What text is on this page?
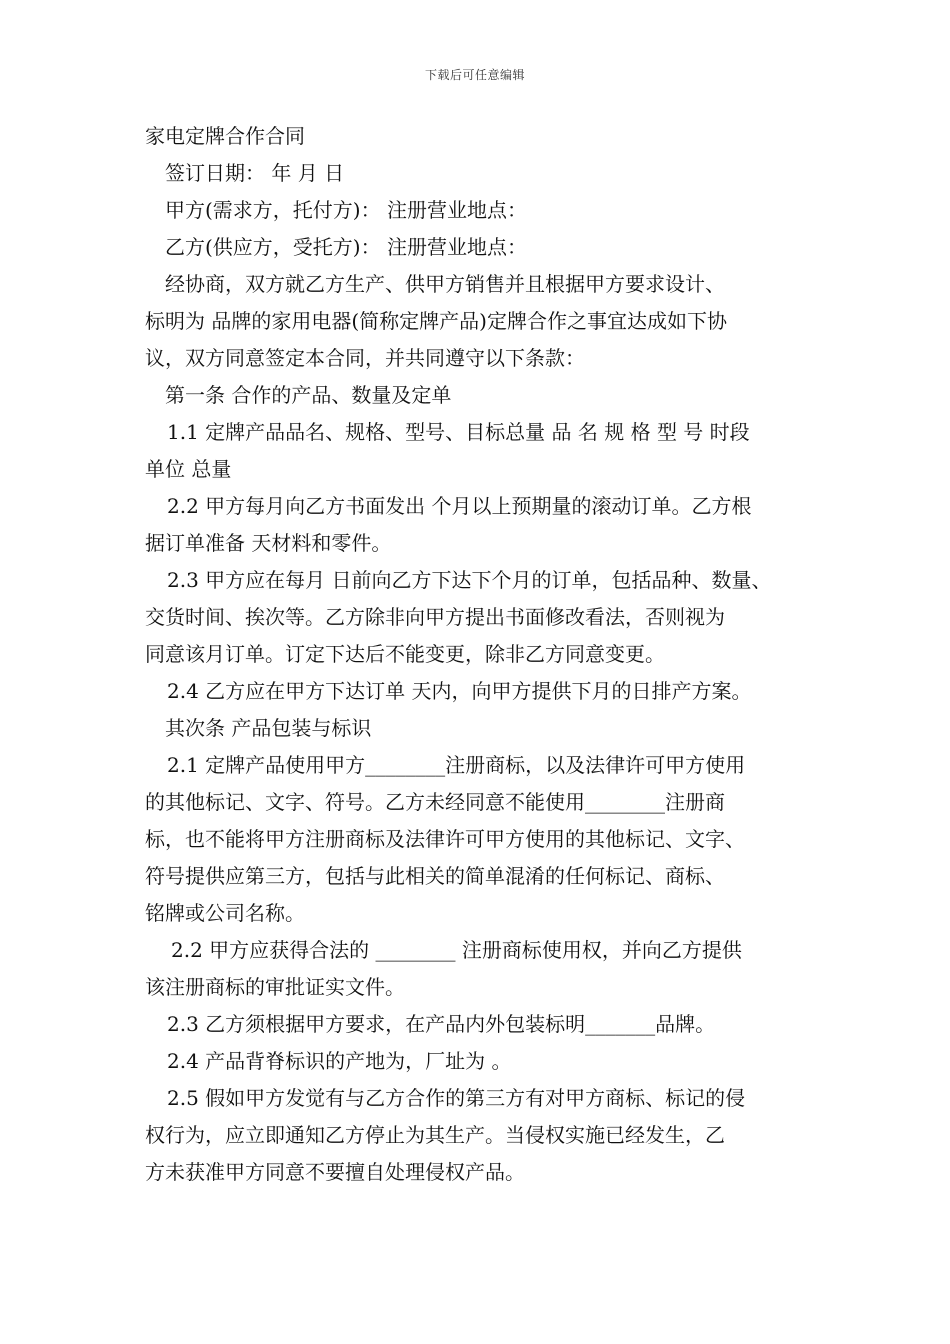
下载后可任意编辑
家电定牌合作合同
签订日期： 年 月 日
甲方(需求方，托付方)： 注册营业地点：
乙方(供应方，受托方)： 注册营业地点：
经协商，双方就乙方生产、供甲方销售并且根据甲方要求设计、
标明为 品牌的家用电器(简称定牌产品)定牌合作之事宜达成如下协
议，双方同意签定本合同，并共同遵守以下条款：
第一条 合作的产品、数量及定单
1.1 定牌产品品名、规格、型号、目标总量 品 名 规 格 型 号 时段
单位 总量
2.2 甲方每月向乙方书面发出 个月以上预期量的滚动订单。乙方根
据订单准备 天材料和零件。
2.3 甲方应在每月 日前向乙方下达下个月的订单，包括品种、数量、
交货时间、挨次等。乙方除非向甲方提出书面修改看法，否则视为
同意该月订单。订定下达后不能变更，除非乙方同意变更。
2.4 乙方应在甲方下达订单 天内，向甲方提供下月的日排产方案。
其次条 产品包装与标识
2.1 定牌产品使用甲方________注册商标，以及法律许可甲方使用
的其他标记、文字、符号。乙方未经同意不能使用________注册商
标，也不能将甲方注册商标及法律许可甲方使用的其他标记、文字、
符号提供应第三方，包括与此相关的简单混淆的任何标记、商标、
铭牌或公司名称。
2.2 甲方应获得合法的 ________ 注册商标使用权，并向乙方提供
该注册商标的审批证实文件。
2.3 乙方须根据甲方要求，在产品内外包装标明_______品牌。
2.4 产品背脊标识的产地为，厂址为 。
2.5 假如甲方发觉有与乙方合作的第三方有对甲方商标、标记的侵
权行为，应立即通知乙方停止为其生产。当侵权实施已经发生，乙
方未获准甲方同意不要擅自处理侵权产品。
